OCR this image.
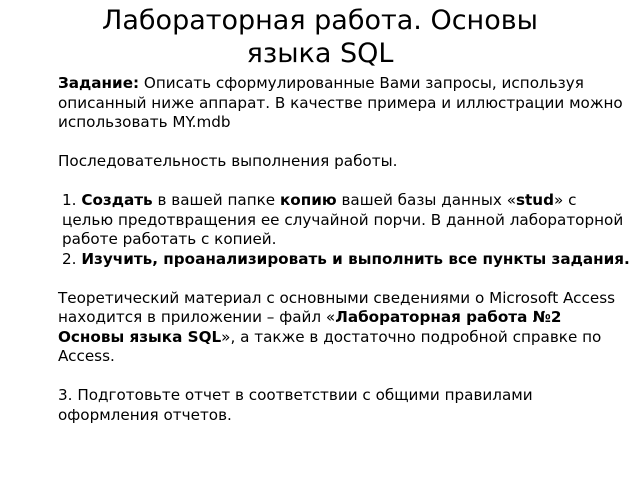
Лабораторная работа. Основы
языка SQL

Задание: Описать сформулированные Вами запросы, используя описанный ниже аппарат. В качестве примера и иллюстрации можно использовать MY.mdb

Последовательность выполнения работы.

1. Создать в вашей папке копию вашей базы данных «stud» с целью предотвращения ее случайной порчи. В данной лабораторной работе работать с копией.

2. Изучить, проанализировать и выполнить все пункты задания.

Теоретический материал с основными сведениями о Microsoft Access находится в приложении – файл «Лабораторная работа №2 Основы языка SQL», а также в достаточно подробной справке по Access.

3. Подготовьте отчет в соответствии с общими правилами оформления отчетов.
